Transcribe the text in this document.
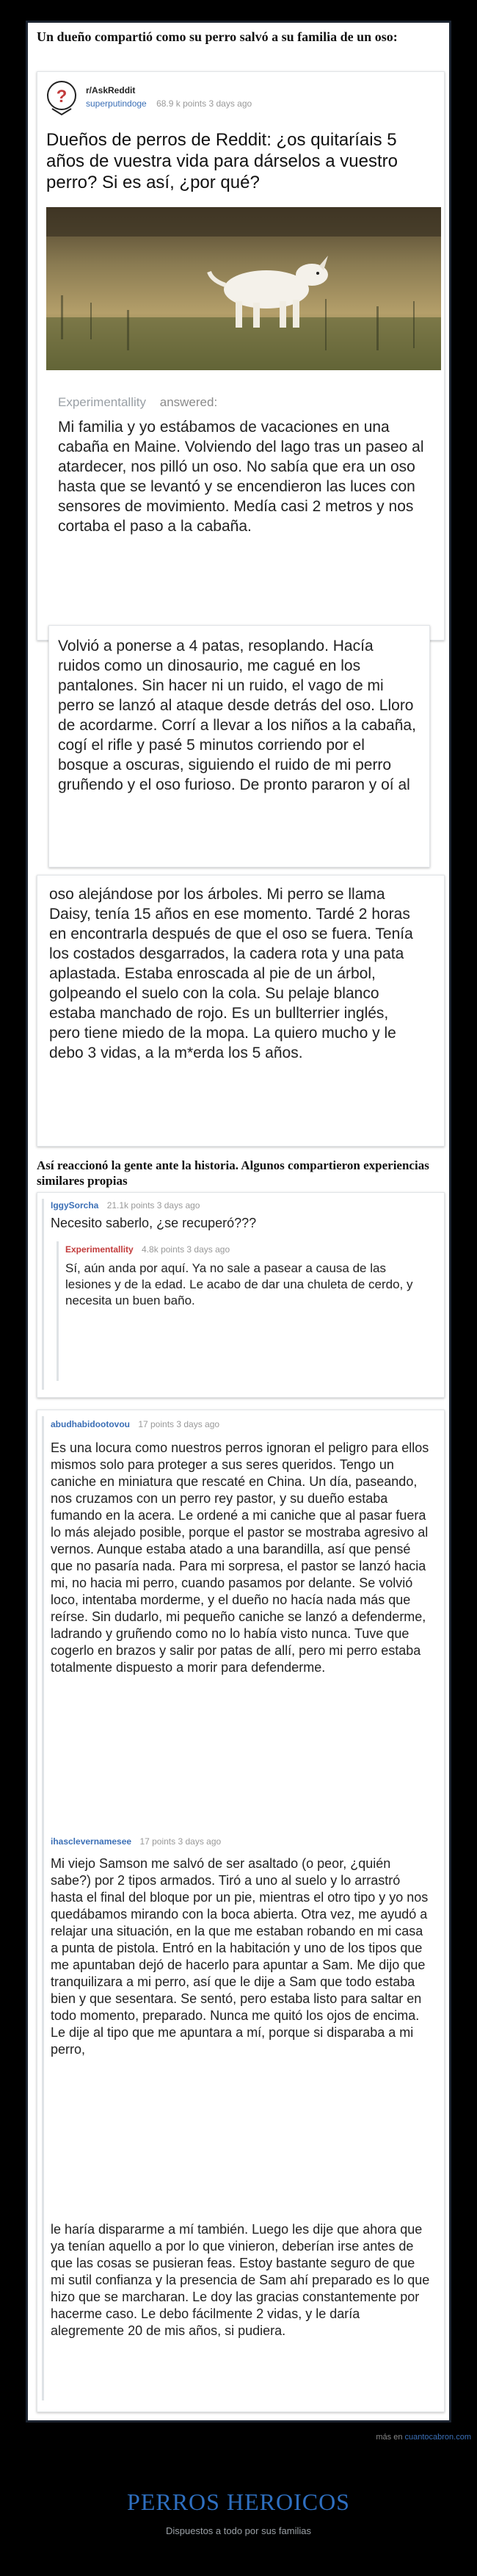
Un dueño compartió como su perro salvó a su familia de un oso:

? r/AskReddit
superputindoge 68.9 k points 3 days ago

Dueños de perros de Reddit: ¿os quitaríais 5 años de vuestra vida para dárselos a vuestro perro? Si es así, ¿por qué?

Experimentallity answered:

Mi familia y yo estábamos de vacaciones en una cabaña en Maine. Volviendo del lago tras un paseo al atardecer, nos pilló un oso. No sabía que era un oso hasta que se levantó y se encendieron las luces con sensores de movimiento. Medía casi 2 metros y nos cortaba el paso a la cabaña.

Volvió a ponerse a 4 patas, resoplando. Hacía ruidos como un dinosaurio, me cagué en los pantalones. Sin hacer ni un ruido, el vago de mi perro se lanzó al ataque desde detrás del oso. Lloro de acordarme. Corrí a llevar a los niños a la cabaña, cogí el rifle y pasé 5 minutos corriendo por el bosque a oscuras, siguiendo el ruido de mi perro gruñendo y el oso furioso. De pronto pararon y oí al

oso alejándose por los árboles. Mi perro se llama Daisy, tenía 15 años en ese momento. Tardé 2 horas en encontrarla después de que el oso se fuera. Tenía los costados desgarrados, la cadera rota y una pata aplastada. Estaba enroscada al pie de un árbol, golpeando el suelo con la cola. Su pelaje blanco estaba manchado de rojo. Es un bullterrier inglés, pero tiene miedo de la mopa. La quiero mucho y le debo 3 vidas, a la m*erda los 5 años.

Así reaccionó la gente ante la historia. Algunos compartieron experiencias similares propias

IggySorcha 21.1k points 3 days ago

Necesito saberlo, ¿se recuperó???

Experimentallity 4.8k points 3 days ago

Sí, aún anda por aquí. Ya no sale a pasear a causa de las lesiones y de la edad. Le acabo de dar una chuleta de cerdo, y necesita un buen baño.

abudhabidootovou 17 points 3 days ago

Es una locura como nuestros perros ignoran el peligro para ellos mismos solo para proteger a sus seres queridos. Tengo un caniche en miniatura que rescaté en China. Un día, paseando, nos cruzamos con un perro rey pastor, y su dueño estaba fumando en la acera. Le ordené a mi caniche que al pasar fuera lo más alejado posible, porque el pastor se mostraba agresivo al vernos. Aunque estaba atado a una barandilla, así que pensé que no pasaría nada. Para mi sorpresa, el pastor se lanzó hacia mi, no hacia mi perro, cuando pasamos por delante. Se volvió loco, intentaba morderme, y el dueño no hacía nada más que reírse. Sin dudarlo, mi pequeño caniche se lanzó a defenderme, ladrando y gruñendo como no lo había visto nunca. Tuve que cogerlo en brazos y salir por patas de allí, pero mi perro estaba totalmente dispuesto a morir para defenderme.

ihasclevernamesee 17 points 3 days ago

Mi viejo Samson me salvó de ser asaltado (o peor, ¿quién sabe?) por 2 tipos armados. Tiró a uno al suelo y lo arrastró hasta el final del bloque por un pie, mientras el otro tipo y yo nos quedábamos mirando con la boca abierta. Otra vez, me ayudó a relajar una situación, en la que me estaban robando en mi casa a punta de pistola. Entró en la habitación y uno de los tipos que me apuntaban dejó de hacerlo para apuntar a Sam. Me dijo que tranquilizara a mi perro, así que le dije a Sam que todo estaba bien y que sesentara. Se sentó, pero estaba listo para saltar en todo momento, preparado. Nunca me quitó los ojos de encima. Le dije al tipo que me apuntara a mí, porque si disparaba a mi perro,

le haría dispararme a mí también. Luego les dije que ahora que ya tenían aquello a por lo que vinieron, deberían irse antes de que las cosas se pusieran feas. Estoy bastante seguro de que mi sutil confianza y la presencia de Sam ahí preparado es lo que hizo que se marcharan. Le doy las gracias constantemente por hacerme caso. Le debo fácilmente 2 vidas, y le daría alegremente 20 de mis años, si pudiera.

más en cuantocabron.com
PERROS HEROICOS
Dispuestos a todo por sus familias
